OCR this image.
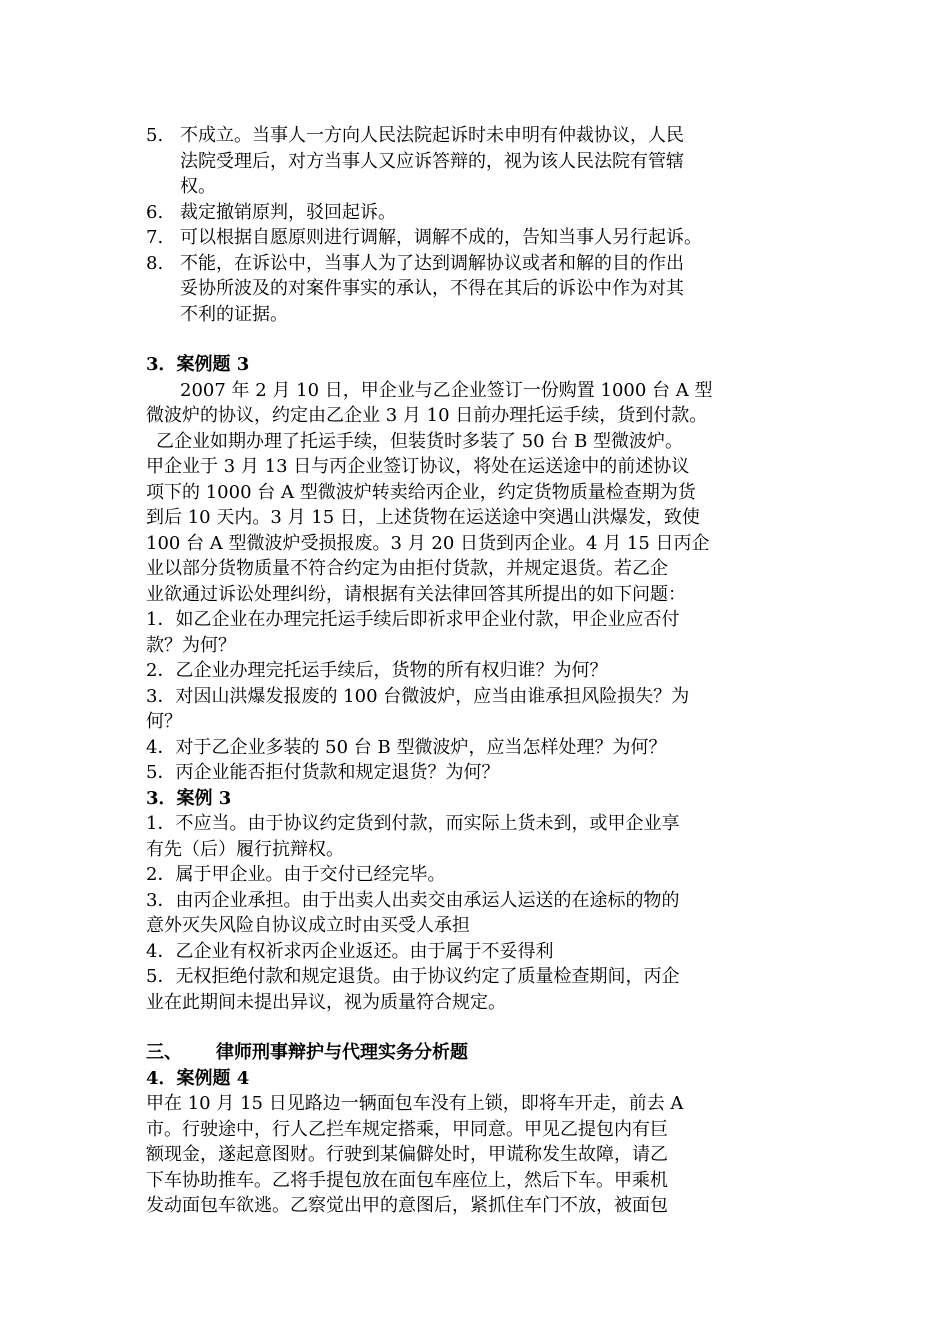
5. 不成立。当事人一方向人民法院起诉时未申明有仲裁协议，人民
法院受理后，对方当事人又应诉答辩的，视为该人民法院有管辖
权。
6. 裁定撤销原判，驳回起诉。
7. 可以根据自愿原则进行调解，调解不成的，告知当事人另行起诉。
8. 不能，在诉讼中，当事人为了达到调解协议或者和解的目的作出
妥协所波及的对案件事实的承认，不得在其后的诉讼中作为对其
不利的证据。

3．案例题 3

2007 年 2 月 10 日，甲企业与乙企业签订一份购置 1000 台 A 型

微波炉的协议，约定由乙企业 3 月 10 日前办理托运手续，货到付款。

乙企业如期办理了托运手续，但装货时多装了 50 台 B 型微波炉。

甲企业于 3 月 13 日与丙企业签订协议，将处在运送途中的前述协议

项下的 1000 台 A 型微波炉转卖给丙企业，约定货物质量检查期为货

到后 10 天内。3 月 15 日，上述货物在运送途中突遇山洪爆发，致使

100 台 A 型微波炉受损报废。3 月 20 日货到丙企业。4 月 15 日丙企

业以部分货物质量不符合约定为由拒付货款，并规定退货。若乙企

业欲通过诉讼处理纠纷，请根据有关法律回答其所提出的如下问题：

1．如乙企业在办理完托运手续后即祈求甲企业付款，甲企业应否付

款？为何？

2．乙企业办理完托运手续后，货物的所有权归谁？为何？

3．对因山洪爆发报废的 100 台微波炉，应当由谁承担风险损失？为

何？

4．对于乙企业多装的 50 台 B 型微波炉，应当怎样处理？为何？

5．丙企业能否拒付货款和规定退货？为何？

3．案例 3

1．不应当。由于协议约定货到付款，而实际上货未到，或甲企业享

有先（后）履行抗辩权。

2．属于甲企业。由于交付已经完毕。

3．由丙企业承担。由于出卖人出卖交由承运人运送的在途标的物的

意外灭失风险自协议成立时由买受人承担

4．乙企业有权祈求丙企业返还。由于属于不妥得利

5．无权拒绝付款和规定退货。由于协议约定了质量检查期间，丙企

业在此期间未提出异议，视为质量符合规定。

三、 律师刑事辩护与代理实务分析题

4．案例题 4

甲在 10 月 15 日见路边一辆面包车没有上锁，即将车开走，前去 A

市。行驶途中，行人乙拦车规定搭乘，甲同意。甲见乙提包内有巨

额现金，遂起意图财。行驶到某偏僻处时，甲谎称发生故障，请乙

下车协助推车。乙将手提包放在面包车座位上，然后下车。甲乘机

发动面包车欲逃。乙察觉出甲的意图后，紧抓住车门不放，被面包
